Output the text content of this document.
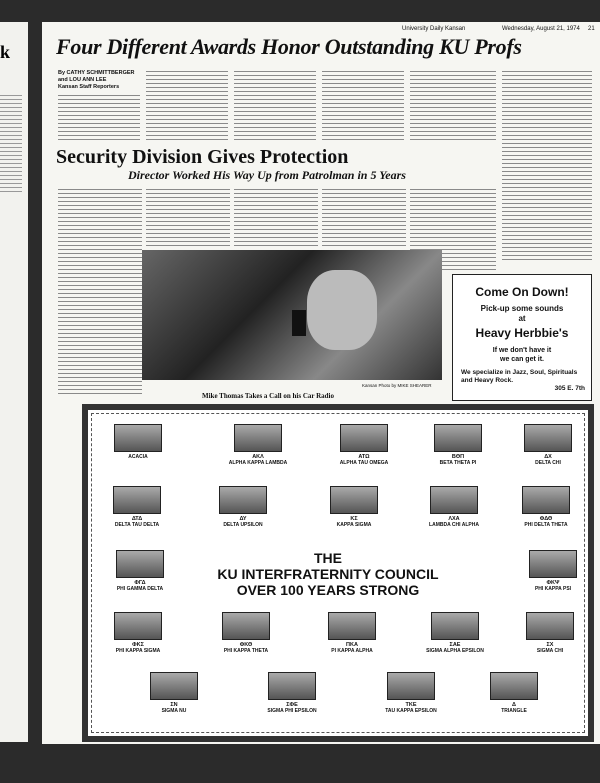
k
University Daily Kansan	Wednesday, August 21, 1974 21
Four Different Awards Honor Outstanding KU Profs
By CATHY SCHMITTBERGER
and LOU ANN LEE
Kansan Staff Reporters
Security Division Gives Protection
Director Worked His Way Up from Patrolman in 5 Years
Kansan Photo by MIKE SHEARER
Mike Thomas Takes a Call on his Car Radio
Come On Down!
Pick-up some sounds
at
Heavy Herbbie's
If we don't have it
we can get it.
We specialize in Jazz, Soul, Spirituals
and Heavy Rock.
305 E. 7th
ACACIA	ΑΚΛ
ALPHA KAPPA LAMBDA
ΑΤΩ
ALPHA TAU OMEGA
ΒΘΠ
BETA THETA PI
ΔΧ
DELTA CHI
ΔΤΔ
DELTA TAU DELTA
ΔΥ
DELTA UPSILON
ΚΣ
KAPPA SIGMA
ΛΧΑ
LAMBDA CHI ALPHA
ΦΔΘ
PHI DELTA THETA
ΦΓΔ
PHI GAMMA DELTA
ΦΚΨ
PHI KAPPA PSI
THE
KU INTERFRATERNITY COUNCIL
OVER 100 YEARS STRONG
ΦΚΣ
PHI KAPPA SIGMA
ΦΚΘ
PHI KAPPA THETA
ΠΚΑ
PI KAPPA ALPHA
ΣΑΕ
SIGMA ALPHA EPSILON
ΣΧ
SIGMA CHI
ΣΝ
SIGMA NU
ΣΦΕ
SIGMA PHI EPSILON
ΤΚΕ
TAU KAPPA EPSILON
Δ
TRIANGLE
